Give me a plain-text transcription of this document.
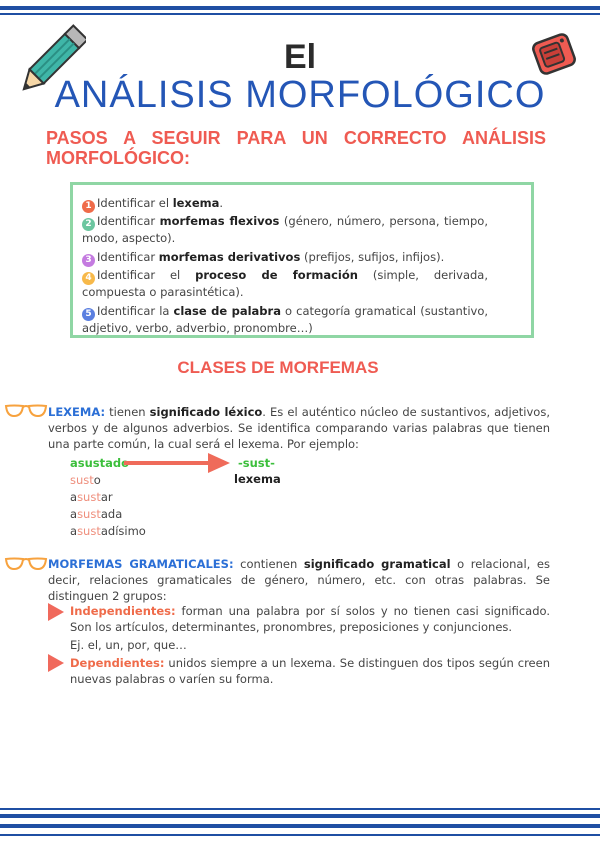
El
ANÁLISIS MORFOLÓGICO
PASOS A SEGUIR PARA UN CORRECTO ANÁLISIS MORFOLÓGICO:
1 Identificar el lexema.
2 Identificar morfemas flexivos (género, número, persona, tiempo, modo, aspecto).
3 Identificar morfemas derivativos (prefijos, sufijos, infijos).
4 Identificar el proceso de formación (simple, derivada, compuesta o parasintética).
5 Identificar la clase de palabra o categoría gramatical (sustantivo, adjetivo, verbo, adverbio, pronombre…)
CLASES DE MORFEMAS
LEXEMA: tienen significado léxico. Es el auténtico núcleo de sustantivos, adjetivos, verbos y de algunos adverbios. Se identifica comparando varias palabras que tienen una parte común, la cual será el lexema. Por ejemplo:
asustado	-sust-
lexema
susto
asustar
asustada
asustadísimo
MORFEMAS GRAMATICALES: contienen significado gramatical o relacional, es decir, relaciones gramaticales de género, número, etc. con otras palabras. Se distinguen 2 grupos:
Independientes: forman una palabra por sí solos y no tienen casi significado. Son los artículos, determinantes, pronombres, preposiciones y conjunciones.
Ej. el, un, por, que…
Dependientes: unidos siempre a un lexema. Se distinguen dos tipos según creen nuevas palabras o varíen su forma.
